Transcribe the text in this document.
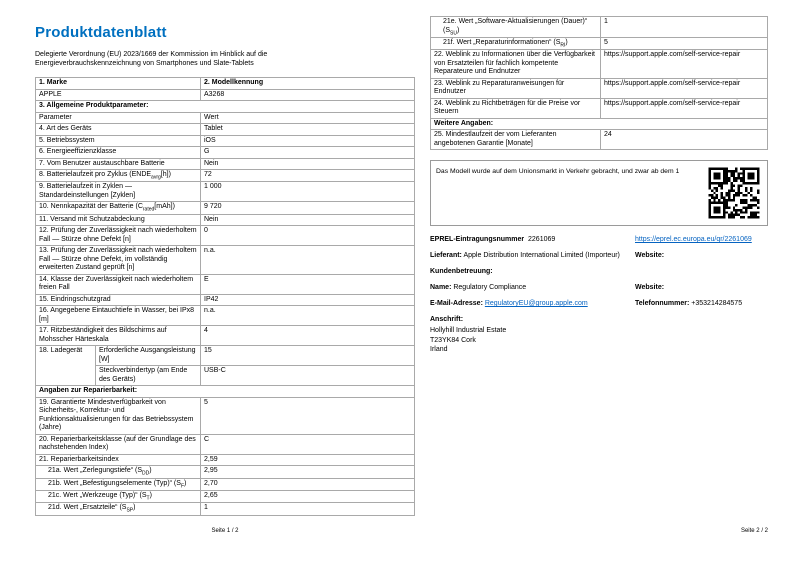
Produktdatenblatt

Delegierte Verordnung (EU) 2023/1669 der Kommission im Hinblick auf die Energieverbrauchskennzeichnung von Smartphones und Slate-Tablets

1. Marke		2. Modellkennung
APPLE		A3268
3. Allgemeine Produktparameter:		
Parameter		Wert
4. Art des Geräts		Tablet
5. Betriebssystem		iOS
6. Energieeffizienzklasse		G
7. Vom Benutzer austauschbare Batterie		Nein
8. Batterielaufzeit pro Zyklus $(ENDE_{avrg}[h])$		72
9. Batterielaufzeit in Zyklen — Standardeinstellungen [Zyklen]		1 000
10. Nennkapazität der Batterie $(C_{rated}[mAh])$		9 720
11. Versand mit Schutzabdeckung		Nein
12. Prüfung der Zuverlässigkeit nach wiederholtem Fall — Stürze ohne Defekt [n]		0
13. Prüfung der Zuverlässigkeit nach wiederholtem Fall — Stürze ohne Defekt, im vollständig erweiterten Zustand geprüft [n]		n.a.
14. Klasse der Zuverlässigkeit nach wiederholtem freien Fall		E
15. Eindringschutzgrad		IP42
16. Angegebene Eintauchtiefe in Wasser, bei IPx8 [m]		n.a.
17. Ritzbeständigkeit des Bildschirms auf Mohsscher Härteskala		4
18. Ladegerät	Erforderliche Ausgangsleistung [W]	15
	Steckverbindertyp (am Ende des Geräts)	USB-C
Angaben zur Reparierbarkeit:		
19. Garantierte Mindestverfügbarkeit von Sicherheits-, Korrektur- und Funktionsaktualisierungen für das Betriebssystem (Jahre)		5
20. Reparierbarkeitsklasse (auf der Grundlage des nachstehenden Index)		C
21. Reparierbarkeitsindex		2,59
21a. Wert „Zerlegungstiefe“ $(S_{DD})$		2,95
21b. Wert „Befestigungselemente (Typ)“ $(S_F)$		2,70
21c. Wert „Werkzeuge (Typ)“ $(S_T)$		2,65
21d. Wert „Ersatzteile“ $(S_{SP})$		1
21e. Wert „Software-Aktualisierungen (Dauer)“ $(S_{SU})$	1
21f. Wert „Reparaturinformationen“ $(S_{RI})$	5
22. Weblink zu Informationen über die Verfügbarkeit von Ersatzteilen für fachlich kompetente Reparateure und Endnutzer	https://support.apple.com/self-service-repair
23. Weblink zu Reparaturanweisungen für Endnutzer	https://support.apple.com/self-service-repair
24. Weblink zu Richtbeträgen für die Preise vor Steuern	https://support.apple.com/self-service-repair
Weitere Angaben:	
25. Mindestlaufzeit der vom Lieferanten angebotenen Garantie [Monate]	24
Das Modell wurde auf dem Unionsmarkt in Verkehr gebracht, und zwar ab dem 1
EPREL-Eintragungsnummer 2261069	https://eprel.ec.europa.eu/qr/2261069
Lieferant: Apple Distribution International Limited (Importeur)	Website:
Kundenbetreuung:
Name: Regulatory Compliance	Website:
E-Mail-Adresse: RegulatoryEU@group.apple.com	Telefonnummer: +353214284575
Anschrift:
Hollyhill Industrial Estate
T23YK84 Cork
Irland
Seite 1 / 2	Seite 2 / 2
